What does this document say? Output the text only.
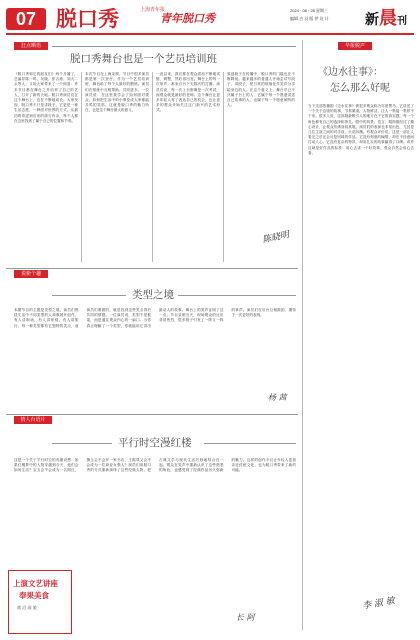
07 脱口秀	上海青年报
青年脱口秀
2024 · 08 · 28 星期三
编辑 吉 羽 版 伊 设 计	新晨刊
狂点晒语
脱口秀舞台也是一个艺员培训班
《脱口秀和它的朋友们》两个月播了，总编导陈一鸣、吴晓、张吉甫、刘大二头等人，又给大家带来了一个惊喜：许多节目都在舞台之外培养了自己的艺人，打开了新的天地。脱口秀演员们在这个舞台上，也在不断地成长。大家发现，脱口秀不只是讲段子，它更是一种生活态度，一种面对世界的方式。从最初的青涩到后来的游刃有余，每个人都在这里找到了属于自己的位置和节奏。
本次节目在上海录制，节目中很多演员都是第一次登台。作为一个艺员培训班，舞台给了每个人最好的锻炼。演员们在排练中互相帮助，共同进步。一位演员说：在这里我学会了如何面对观众，如何把生活中的小事变成大家都能共鸣的笑料。这就是脱口秀的魅力所在，也是这个舞台最大的意义。
一直以来，我们都在观众面前不断地试错、调整，然后再出发。舞台上的每一次掌声，都来自台下无数次的打磨。演员们说，每一次上台都像是一次考试，而观众就是最好的老师。这个舞台让更多年轻人有了表达自己的机会，也让更多的观众开始关注这门新兴的艺术形式。
原创段子在传播中，脱口秀的门槛也在不断降低。越来越多的普通人开始尝试写段子、讲段子，把日常的烦恼化作笑声分享给身边的人。在这个意义上，舞台早已不只属于台上的人，它属于每一个愿意讲述自己故事的人，也属于每一个愿意倾听的人。
陈晓明
早报脱声
《边水往事》：
怎么那么好呢
当下这部热播剧《边水往事》被很多观众称为年度黑马。它讲述了一个关于边境的故事，节奏紧凑，人物鲜活，让人一集接一集停不下来。很多人说，这部剧最吸引人的地方在于它的真实感，每一个角色都有自己的选择和挣扎。剧中的风景、语言、服饰都经过了精心设计，让观众仿佛身临其境。演员们的表演也非常出色，尤其是几位主演之间的对手戏，火花四溅。有观众评价说，这是一部让人看完之后还会反复回味的作品。它没有刻意的煽情，却在不经意间打动人心；它没有复杂的特效，却用扎实的故事赢得了口碑。或许这就是好作品的标准：用心去讲一个好故事，观众自然会用心去看。
李 淑 敏
说新个趣
类型之境
本期节目的主题是类型之境。演员们围绕生活中不同类型的人和事展开创作，有人讲职场，有人讲家庭，有人讲旅行。每一种类型都有它独特的笑点，而演员们要做的，就是找到这些笑点背后共同的情感。一位演员说，类型不是框架，而是通往观众内心的一扇门。当你真正理解了一个类型，你就能用它讲出最动人的故事。舞台上的笑声证明了这一点。节目录制当天，现场观众的反应非常热烈，很多段子引发了一阵又一阵的掌声。演员们在后台互相鼓励，期待下一次更好的表现。
杨 茜
情人台语片
平行时空漫红楼
这是一个关于平行时空的有趣设想：如果红楼梦中的人物穿越到今天，他们会如何生活？宝玉会不会成为一名网红，黛玉会不会开一家书店，王熙凤又会不会成为一位商业女强人？演员们用脱口秀的方式重新演绎了这些经典人物，把古典文学与现代生活巧妙地结合在一起。观众在笑声中重新认识了这些熟悉的角色，也感受到了经典作品历久弥新的魅力。这样的创作不仅让年轻人更加亲近传统文化，也为脱口秀带来了新的可能。
上演文艺讲座
奉果美食
商 沿 闹 旅
长 阿
